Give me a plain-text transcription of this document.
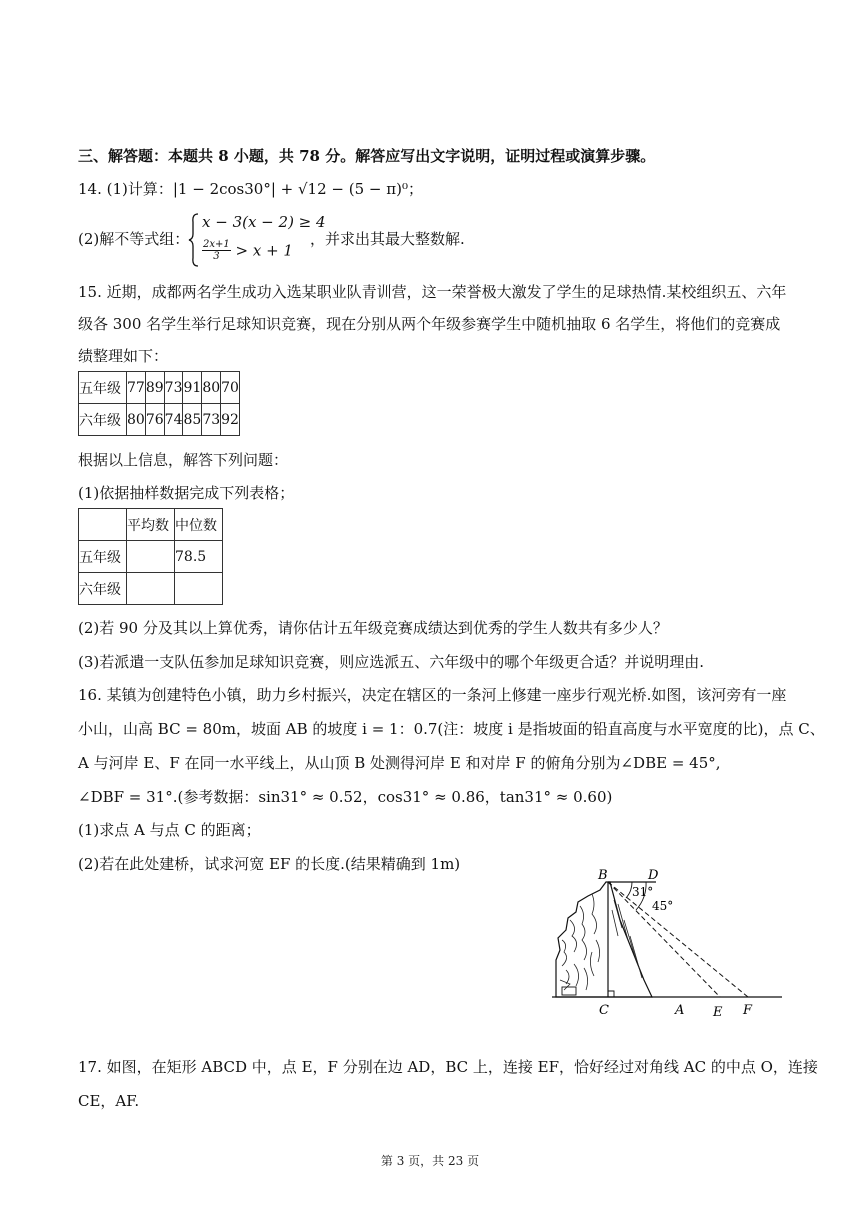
三、解答题：本题共 8 小题，共 78 分。解答应写出文字说明，证明过程或演算步骤。
14. (1)计算：|1 − 2cos30°| + √12 − (5 − π)⁰；
(2)解不等式组：
x − 3(x − 2) ≥ 4
$\frac{2x+1}{3} > x + 1$
，并求出其最大整数解.
15. 近期，成都两名学生成功入选某职业队青训营，这一荣誉极大激发了学生的足球热情.某校组织五、六年
级各 300 名学生举行足球知识竞赛，现在分别从两个年级参赛学生中随机抽取 6 名学生，将他们的竞赛成
绩整理如下：
五年级	77	89	73	91	80	70
六年级	80	76	74	85	73	92
根据以上信息，解答下列问题：
(1)依据抽样数据完成下列表格；
	平均数	中位数
五年级		78.5
六年级		
(2)若 90 分及其以上算优秀，请你估计五年级竞赛成绩达到优秀的学生人数共有多少人？
(3)若派遣一支队伍参加足球知识竞赛，则应选派五、六年级中的哪个年级更合适？并说明理由.
16. 某镇为创建特色小镇，助力乡村振兴，决定在辖区的一条河上修建一座步行观光桥.如图，该河旁有一座
小山，山高 BC = 80m，坡面 AB 的坡度 i = 1：0.7(注：坡度 i 是指坡面的铅直高度与水平宽度的比)，点 C、
A 与河岸 E、F 在同一水平线上，从山顶 B 处测得河岸 E 和对岸 F 的俯角分别为∠DBE = 45°,
∠DBF = 31°.(参考数据：sin31° ≈ 0.52，cos31° ≈ 0.86，tan31° ≈ 0.60)
(1)求点 A 与点 C 的距离；
(2)若在此处建桥，试求河宽 EF 的长度.(结果精确到 1m)
B	D
31°
45°
C	A E F
17. 如图，在矩形 ABCD 中，点 E，F 分别在边 AD，BC 上，连接 EF，恰好经过对角线 AC 的中点 O，连接
CE，AF.
第 3 页，共 23 页
